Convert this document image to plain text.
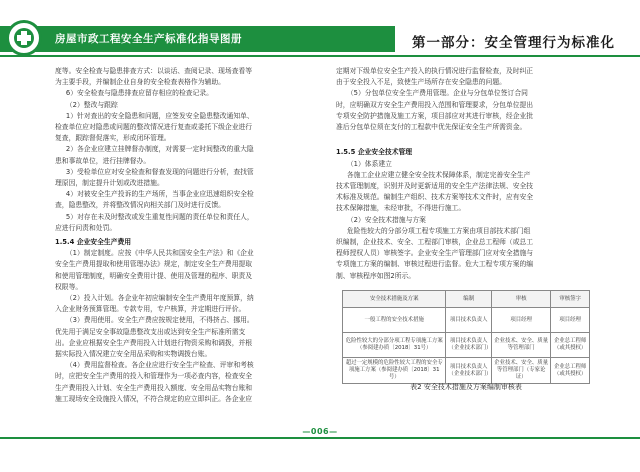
房屋市政工程安全生产标准化指导图册	第一部分：安全管理行为标准化

度等。安全检查与隐患排查方式：以谈话、查阅记录、现场查看等

为主要手段，并编制企业自身的安全检查表格作为辅助。

6）安全检查与隐患排查应留存相应的检查记录。

（2）整改与跟踪

1）针对查出的安全隐患和问题，应签发安全隐患整改通知单、

检查单位应对隐患或问题的整改情况进行复查或委托下级企业进行

复查，跟踪督促落实，形成闭环管理。

2）各企业应建立挂牌督办制度，对需要一定时间整改的重大隐

患和事故单位，进行挂牌督办。

3）受检单位应对安全检查和督查发现的问题进行分析，查找管

理原因，制定提升计划或改进措施。

4）对被安全生产投诉的生产场所，当事企业应迅速组织安全检

查，隐患整改，并将整改情况向相关部门及时进行反馈。

5）对存在未及时整改或发生重复性问题的责任单位和责任人，

应进行问责和处罚。

1.5.4 企业安全生产费用

（1）制定制度。应按《中华人民共和国安全生产法》和《企业

安全生产费用提取和使用管理办法》规定，制定安全生产费用提取

和使用管理制度，明确安全费用计提、使用及管理的程序、职责及

权限等。

（2）投入计划。各企业年初应编制安全生产费用年度预算，纳

入企业财务预算管理。专款专用，专户核算，并定期进行评价。

（3）费用使用。安全生产费应按规定使用，不得挤占、挪用。

优先用于满足安全事故隐患整改支出或达到安全生产标准所需支

出。企业应根据安全生产费用投入计划进行物资采购和调拨，并根

据实际投入情况建立安全用品采购和实物调拨台账。

（4）费用监督检查。各企业应进行安全生产检查、评审和考核

时，应把安全生产费用的投入和管理作为一项必查内容，检查安全

生产费用投入计划、安全生产费用投入额度、安全用品实物台账和

施工现场安全设施投入情况，不符合规定的应立即纠正。各企业应

定期对下级单位安全生产投入的执行情况进行监督检查，及时纠正

由于安全投入不足，致使生产场所存在安全隐患的问题。

（5）分包单位安全生产费用管理。企业与分包单位签订合同

时，应明确双方安全生产费用投入范围和管理要求，分包单位提出

专项安全防护措施及施工方案，项目部应对其进行审核，经企业批

准后分包单位须在支付的工程款中优先保证安全生产所需资金。

1.5.5 企业安全技术管理

（1）体系建立

各施工企业应建立健全安全技术保障体系，制定完善安全生产

技术管理制度，识别并及时更新适用的安全生产法律法规、安全技

术标准及规范。编制生产组织、技术方案等技术文件时，应有安全

技术保障措施，未经审批，不得进行施工。

（2）安全技术措施与方案

危险性较大的分部分项工程专项施工方案由项目部技术部门组

织编制，企业技术、安全、工程部门审核，企业总工程师（或总工

程师授权人员）审核签字。企业安全生产管理部门应对安全措施与

专项施工方案的编制、审核过程进行监督。危大工程专项方案的编

制、审核程序如图2所示。

安全技术措施及方案	编制	审核	审核签字
一般工程的安全技术措施	项目技术负责人	项目经理	项目经理
危险性较大的分部分项工程专项施工方案（参阅建办质〔2018〕31号）	项目技术负责人（企业技术部门）	企业技术、安全、质量等管理部门	企业总工程师（或其授权）
超过一定规模的危险性较大工程的安全专项施工方案（参阅建办质〔2018〕31号）	项目技术负责人（企业技术部门）	企业技术、安全、质量等管理部门（专家论证）	企业总工程师（或其授权）
表2 安全技术措施及方案编制审核表
—006—
